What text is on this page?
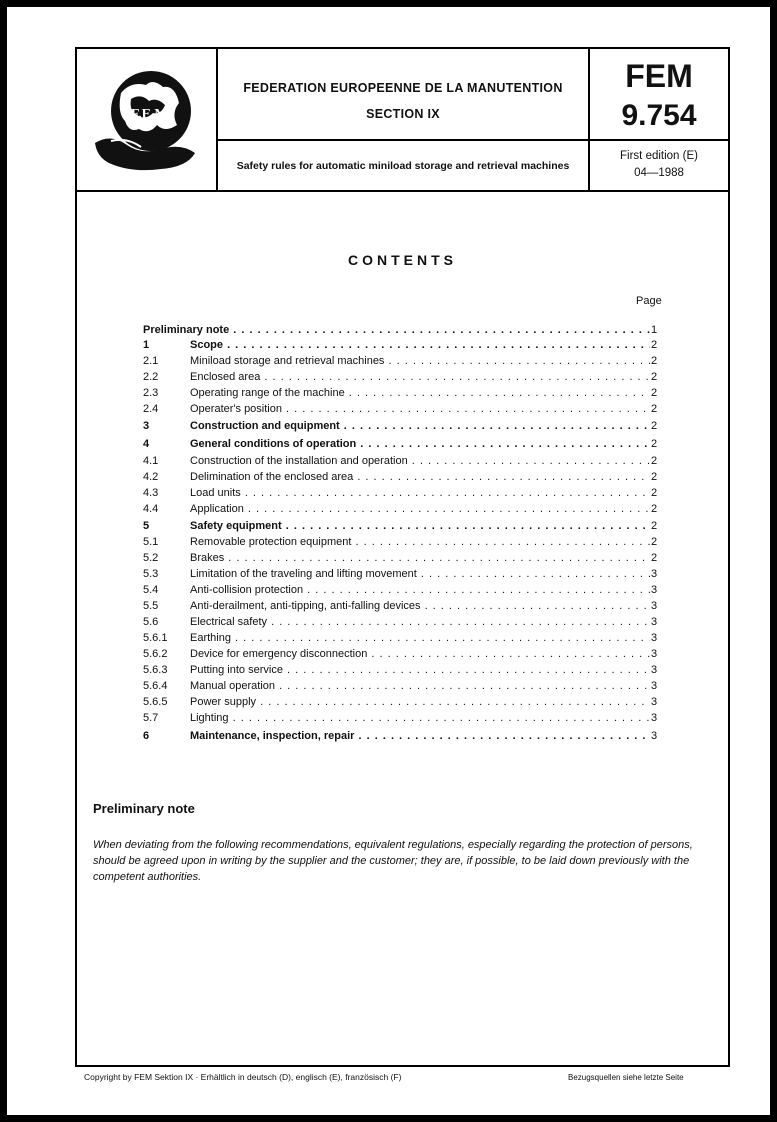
F.E.M.
FEDERATION EUROPEENNE DE LA MANUTENTION
SECTION IX
Safety rules for automatic miniload storage and retrieval machines
FEM
9.754
First edition (E)
04—1988
CONTENTS
Page
Preliminary note . . .	1
1	Scope . . .	2
2.1	Miniload storage and retrieval machines . . .	2
2.2	Enclosed area . . .	2
2.3	Operating range of the machine . . .	2
2.4	Operater's position . . .	2
3	Construction and equipment . . .	2
4	General conditions of operation . . .	2
4.1	Construction of the installation and operation . . .	2
4.2	Delimination of the enclosed area . . .	2
4.3	Load units . . .	2
4.4	Application . . .	2
5	Safety equipment . . .	2
5.1	Removable protection equipment . . .	2
5.2	Brakes . . .	2
5.3	Limitation of the traveling and lifting movement . . .	3
5.4	Anti-collision protection . . .	3
5.5	Anti-derailment, anti-tipping, anti-falling devices . . .	3
5.6	Electrical safety . . .	3
5.6.1 Earthing . . .	3
5.6.2 Device for emergency disconnection . . .	3
5.6.3 Putting into service . . .	3
5.6.4 Manual operation . . .	3
5.6.5 Power supply . . .	3
5.7	Lighting . . .	3
6	Maintenance, inspection, repair . . .	3
Preliminary note
When deviating from the following recommendations, equivalent regulations, especially regarding the protection of persons, should be agreed upon in writing by the supplier and the customer; they are, if possible, to be laid down previously with the competent authorities.
Copyright by FEM Sektion IX · Erhältlich in deutsch (D), englisch (E), französisch (F)	Bezugsquellen siehe letzte Seite
